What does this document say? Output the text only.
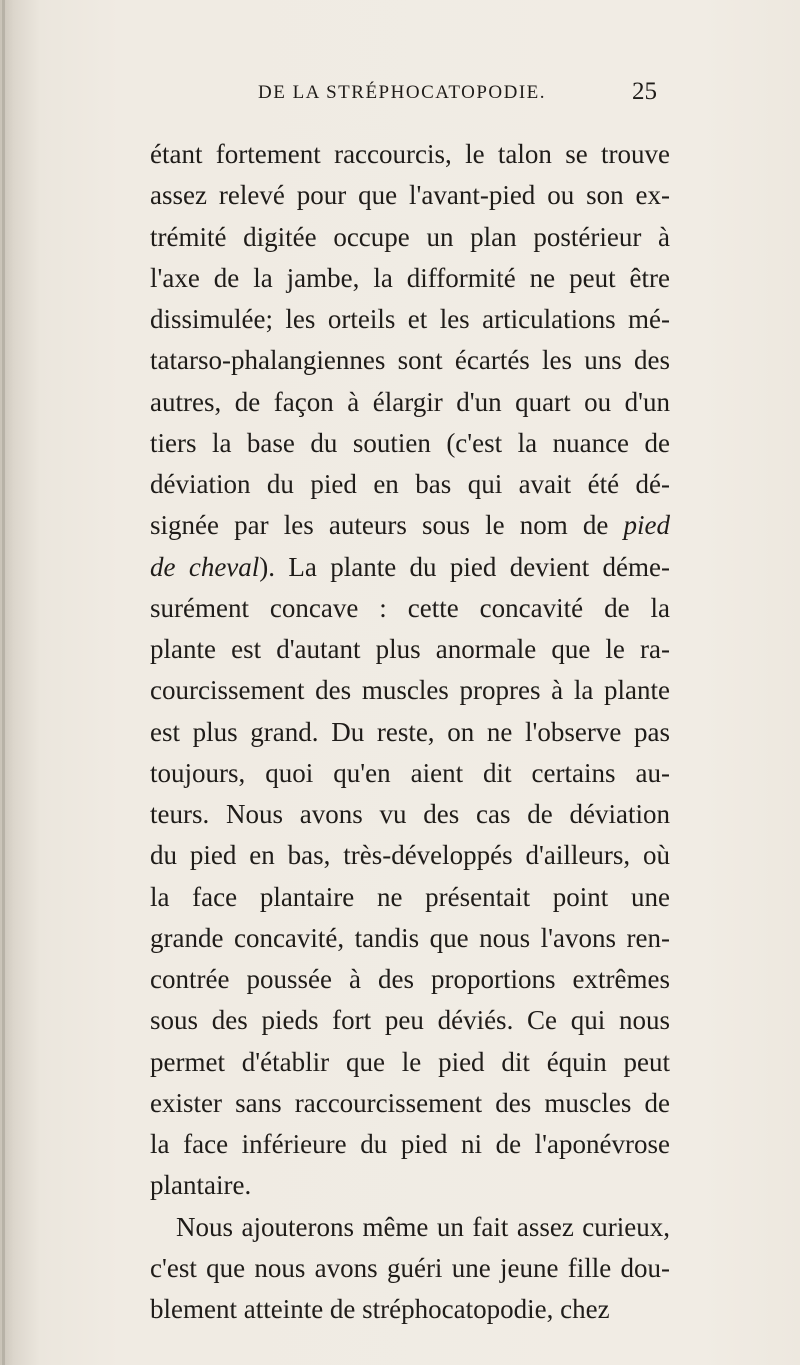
DE LA STRÉPHOCATOPODIE.	25
étant fortement raccourcis, le talon se trouve
assez relevé pour que l'avant-pied ou son ex-
trémité digitée occupe un plan postérieur à
l'axe de la jambe, la difformité ne peut être
dissimulée; les orteils et les articulations mé-
tatarso-phalangiennes sont écartés les uns des
autres, de façon à élargir d'un quart ou d'un
tiers la base du soutien (c'est la nuance de
déviation du pied en bas qui avait été dé-
signée par les auteurs sous le nom de pied
de cheval). La plante du pied devient déme-
surément concave : cette concavité de la
plante est d'autant plus anormale que le ra-
courcissement des muscles propres à la plante
est plus grand. Du reste, on ne l'observe pas
toujours, quoi qu'en aient dit certains au-
teurs. Nous avons vu des cas de déviation
du pied en bas, très-développés d'ailleurs, où
la face plantaire ne présentait point une
grande concavité, tandis que nous l'avons ren-
contrée poussée à des proportions extrêmes
sous des pieds fort peu déviés. Ce qui nous
permet d'établir que le pied dit équin peut
exister sans raccourcissement des muscles de
la face inférieure du pied ni de l'aponévrose
plantaire.
Nous ajouterons même un fait assez curieux,
c'est que nous avons guéri une jeune fille dou-
blement atteinte de stréphocatopodie, chez
